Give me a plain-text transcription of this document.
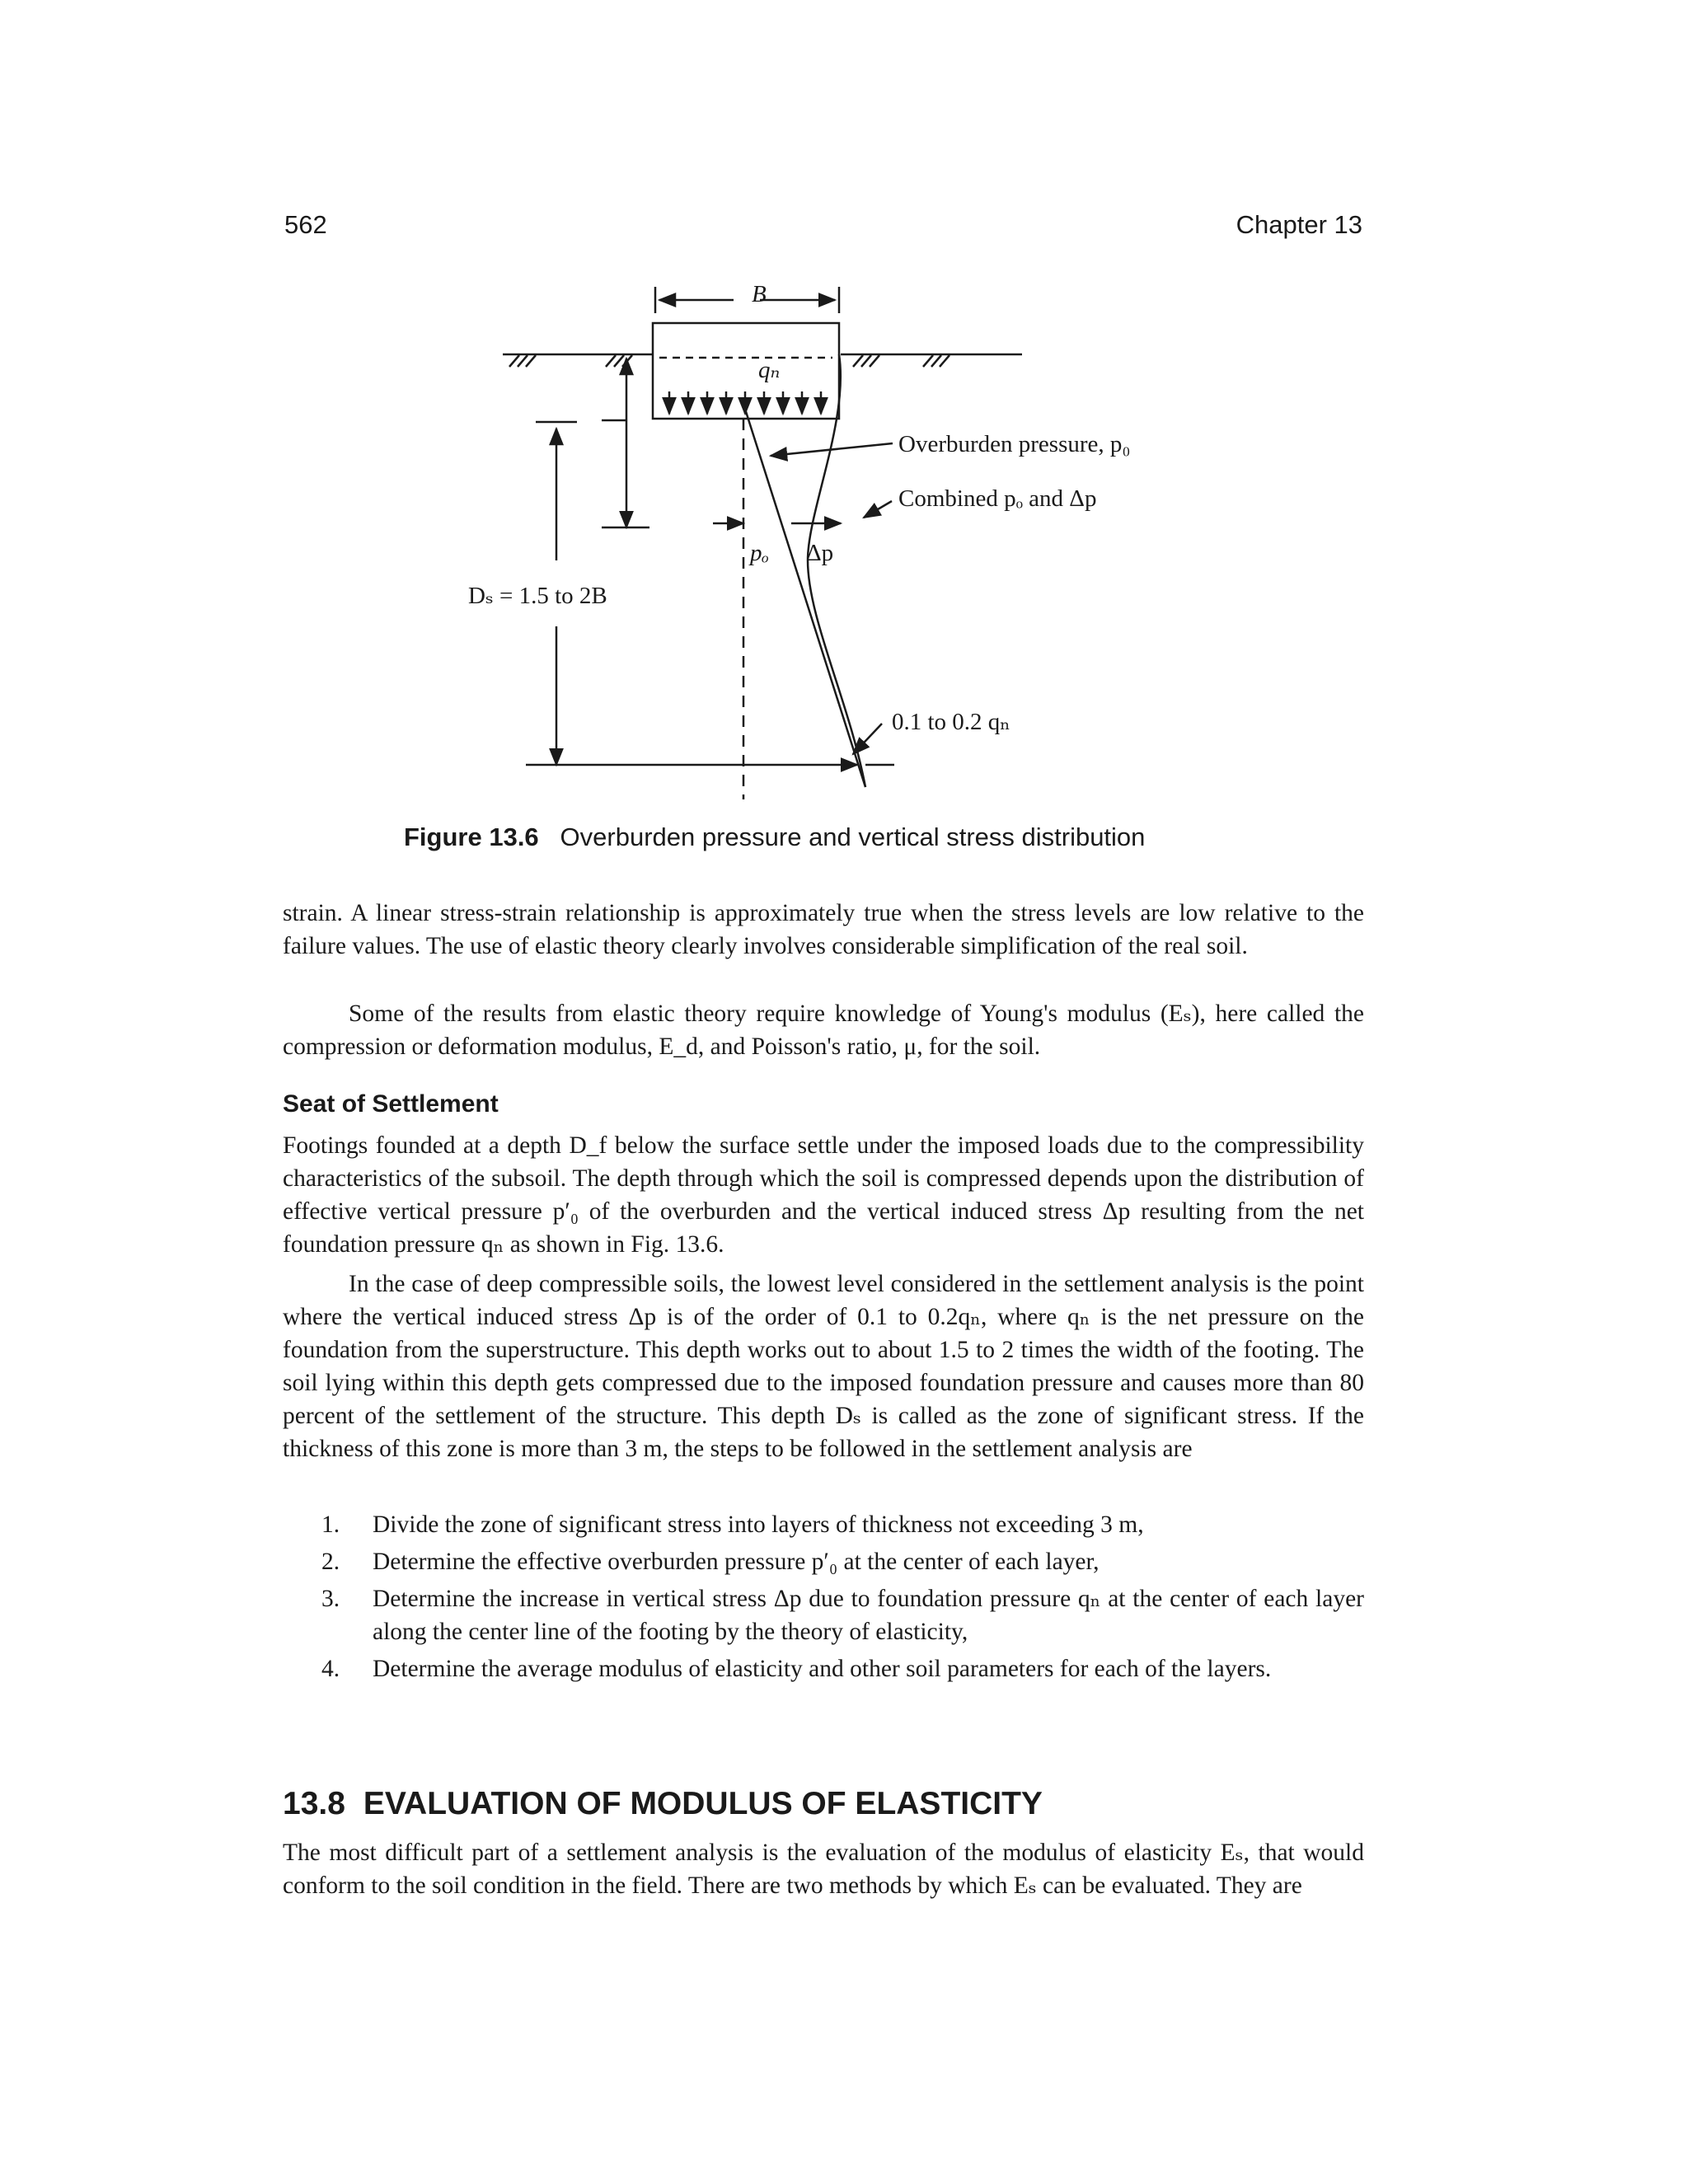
562	Chapter 13
B
qₙ
Overburden pressure, p₀
Combined pₒ and Δp
pₒ Δp
Dₛ = 1.5 to 2B
0.1 to 0.2 qₙ
Figure 13.6 Overburden pressure and vertical stress distribution

strain. A linear stress-strain relationship is approximately true when the stress levels are low relative to the failure values. The use of elastic theory clearly involves considerable simplification of the real soil.

Some of the results from elastic theory require knowledge of Young's modulus (Eₛ), here called the compression or deformation modulus, E_d, and Poisson's ratio, μ, for the soil.

Seat of Settlement

Footings founded at a depth D_f below the surface settle under the imposed loads due to the compressibility characteristics of the subsoil. The depth through which the soil is compressed depends upon the distribution of effective vertical pressure p′₀ of the overburden and the vertical induced stress Δp resulting from the net foundation pressure qₙ as shown in Fig. 13.6.

In the case of deep compressible soils, the lowest level considered in the settlement analysis is the point where the vertical induced stress Δp is of the order of 0.1 to 0.2qₙ, where qₙ is the net pressure on the foundation from the superstructure. This depth works out to about 1.5 to 2 times the width of the footing. The soil lying within this depth gets compressed due to the imposed foundation pressure and causes more than 80 percent of the settlement of the structure. This depth Dₛ is called as the zone of significant stress. If the thickness of this zone is more than 3 m, the steps to be followed in the settlement analysis are

1.	Divide the zone of significant stress into layers of thickness not exceeding 3 m,
2.	Determine the effective overburden pressure p′₀ at the center of each layer,
3.	Determine the increase in vertical stress Δp due to foundation pressure qₙ at the center of each layer along the center line of the footing by the theory of elasticity,
4.	Determine the average modulus of elasticity and other soil parameters for each of the layers.
13.8 EVALUATION OF MODULUS OF ELASTICITY

The most difficult part of a settlement analysis is the evaluation of the modulus of elasticity Eₛ, that would conform to the soil condition in the field. There are two methods by which Eₛ can be evaluated. They are
